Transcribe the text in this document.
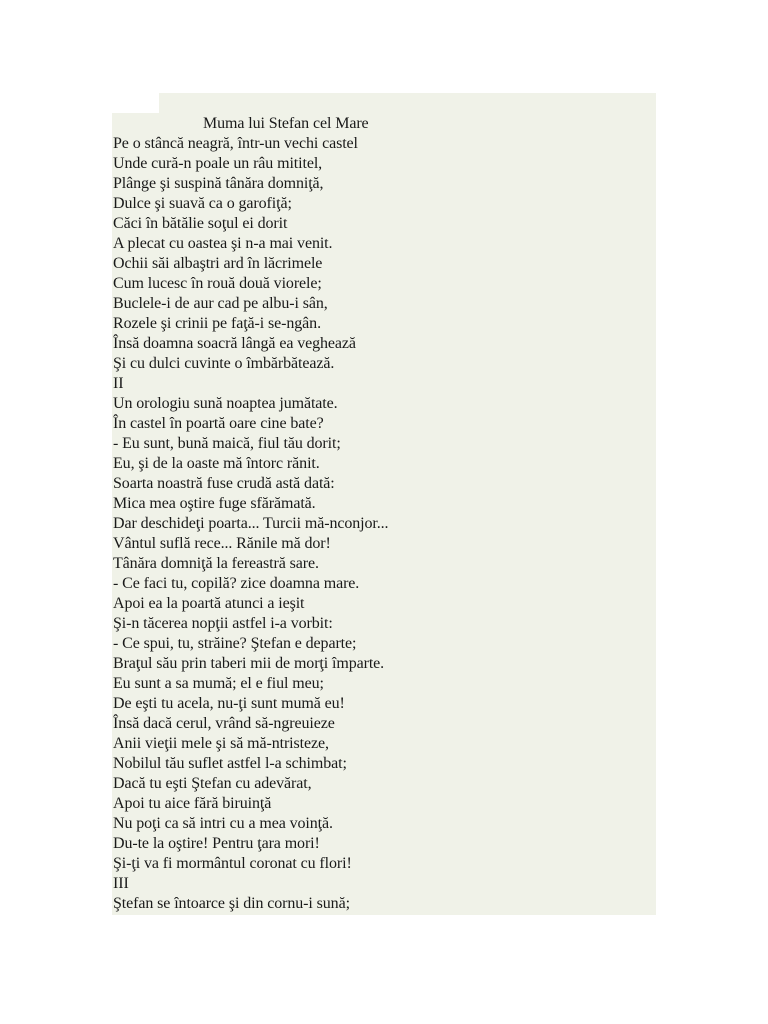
Muma lui Stefan cel Mare
Pe o stâncă neagră, într-un vechi castel
Unde cură-n poale un râu mititel,
Plânge şi suspină tânăra domniţă,
Dulce şi suavă ca o garofiţă;
Căci în bătălie soţul ei dorit
A plecat cu oastea şi n-a mai venit.
Ochii săi albaştri ard în lăcrimele
Cum lucesc în rouă două viorele;
Buclele-i de aur cad pe albu-i sân,
Rozele şi crinii pe faţă-i se-ngân.
Însă doamna soacră lângă ea veghează
Şi cu dulci cuvinte o îmbărbătează.
II
Un orologiu sună noaptea jumătate.
În castel în poartă oare cine bate?
- Eu sunt, bună maică, fiul tău dorit;
Eu, şi de la oaste mă întorc rănit.
Soarta noastră fuse crudă astă dată:
Mica mea oştire fuge sfărămată.
Dar deschideţi poarta... Turcii mă-nconjor...
Vântul suflă rece... Rănile mă dor!
Tânăra domniţă la fereastră sare.
- Ce faci tu, copilă? zice doamna mare.
Apoi ea la poartă atunci a ieşit
Şi-n tăcerea nopţii astfel i-a vorbit:
- Ce spui, tu, străine? Ştefan e departe;
Braţul său prin taberi mii de morţi împarte.
Eu sunt a sa mumă; el e fiul meu;
De eşti tu acela, nu-ţi sunt mumă eu!
Însă dacă cerul, vrând să-ngreuieze
Anii vieţii mele şi să mă-ntristeze,
Nobilul tău suflet astfel l-a schimbat;
Dacă tu eşti Ştefan cu adevărat,
Apoi tu aice fără biruinţă
Nu poţi ca să intri cu a mea voinţă.
Du-te la oştire! Pentru ţara mori!
Şi-ţi va fi mormântul coronat cu flori!
III
Ştefan se întoarce şi din cornu-i sună;
